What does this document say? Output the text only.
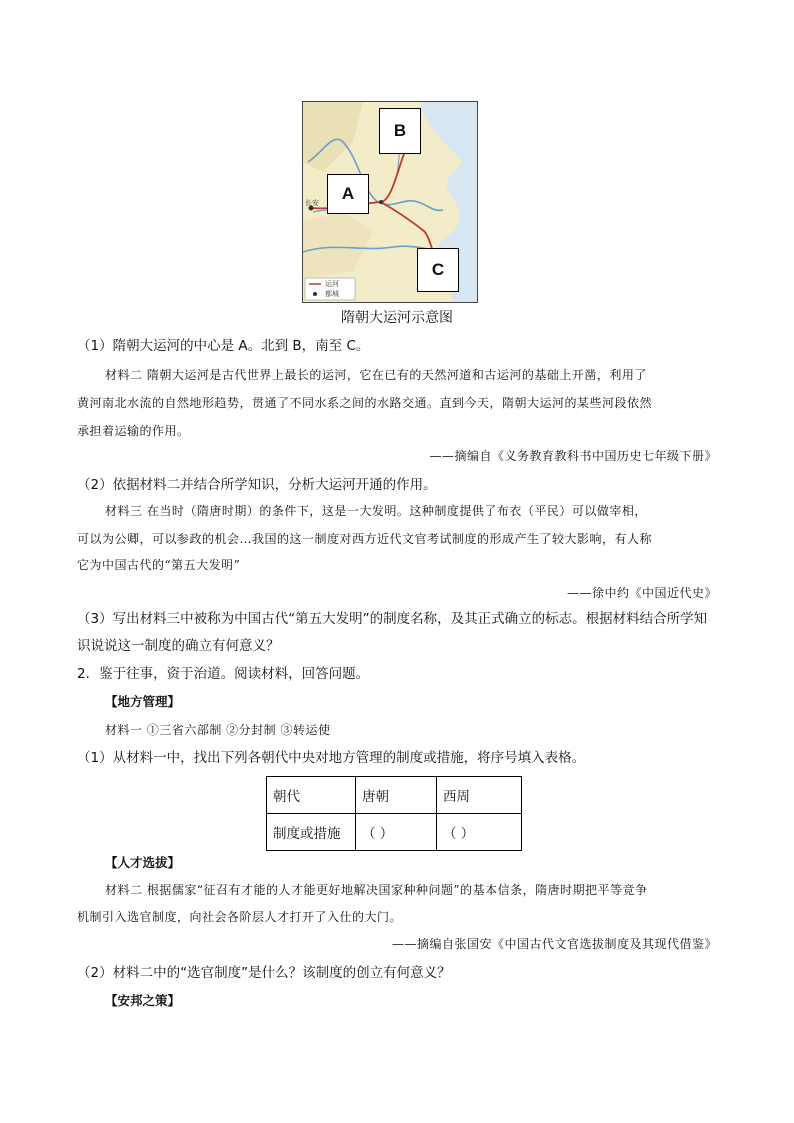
长安
运河
都城
B
A
C
隋朝大运河示意图
（1）隋朝大运河的中心是 A。北到 B，南至 C。
材料二 隋朝大运河是古代世界上最长的运河，它在已有的天然河道和古运河的基础上开凿，利用了
黄河南北水流的自然地形趋势，贯通了不同水系之间的水路交通。直到今天，隋朝大运河的某些河段依然
承担着运输的作用。
——摘编自《义务教育教科书中国历史七年级下册》
（2）依据材料二并结合所学知识，分析大运河开通的作用。
材料三 在当时（隋唐时期）的条件下，这是一大发明。这种制度提供了布衣（平民）可以做宰相，
可以为公卿，可以参政的机会…我国的这一制度对西方近代文官考试制度的形成产生了较大影响，有人称
它为中国古代的“第五大发明”
——徐中约《中国近代史》
（3）写出材料三中被称为中国古代“第五大发明”的制度名称，及其正式确立的标志。根据材料结合所学知
识说说这一制度的确立有何意义？
2．鉴于往事，资于治道。阅读材料，回答问题。
【地方管理】
材料一 ①三省六部制 ②分封制 ③转运使
（1）从材料一中，找出下列各朝代中央对地方管理的制度或措施，将序号填入表格。
朝代	唐朝	西周
制度或措施	（ ）	（ ）
【人才选拔】
材料二 根据儒家“征召有才能的人才能更好地解决国家种种问题”的基本信条，隋唐时期把平等竞争
机制引入选官制度，向社会各阶层人才打开了入仕的大门。
——摘编自张国安《中国古代文官选拔制度及其现代借鉴》
（2）材料二中的“选官制度”是什么？该制度的创立有何意义？
【安邦之策】
